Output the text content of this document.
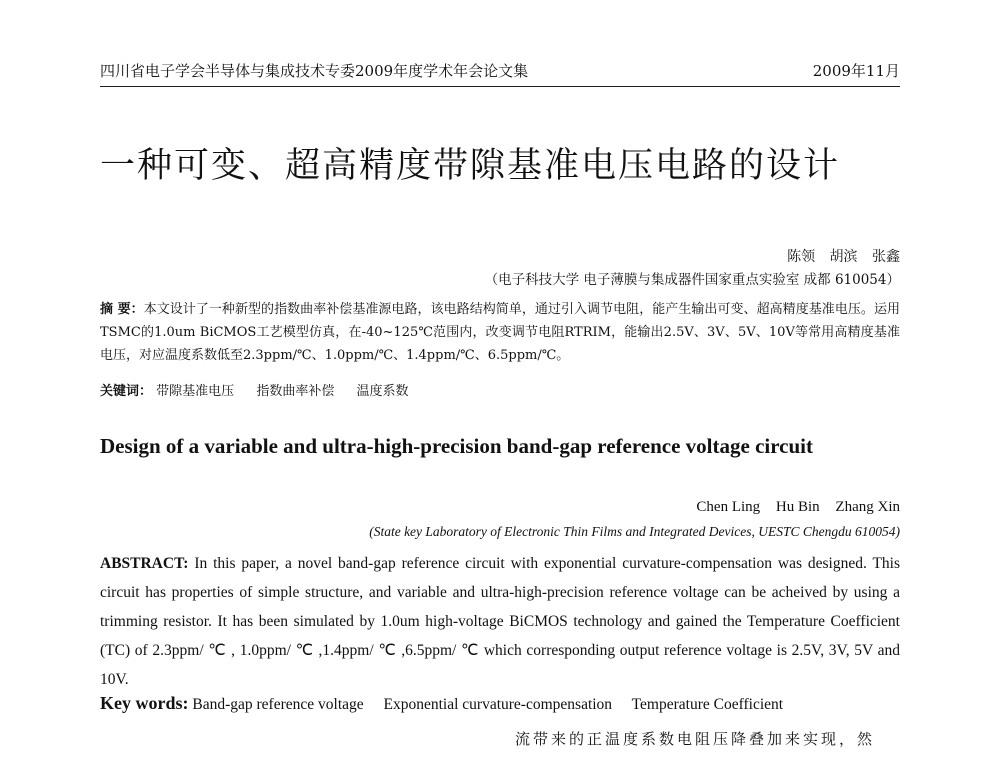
四川省电子学会半导体与集成技术专委2009年度学术年会论文集	2009年11月
一种可变、超高精度带隙基准电压电路的设计
陈领 胡滨 张鑫
（电子科技大学 电子薄膜与集成器件国家重点实验室 成都 610054）
摘 要：本文设计了一种新型的指数曲率补偿基准源电路，该电路结构简单，通过引入调节电阻，能产生输出可变、超高精度基准电压。运用TSMC的1.0um BiCMOS工艺模型仿真，在-40~125℃范围内，改变调节电阻RTRIM，能输出2.5V、3V、5V、10V等常用高精度基准电压，对应温度系数低至2.3ppm/℃、1.0ppm/℃、1.4ppm/℃、6.5ppm/℃。
关键词： 带隙基准电压 指数曲率补偿 温度系数
Design of a variable and ultra-high-precision band-gap reference voltage circuit
Chen Ling Hu Bin Zhang Xin
(State key Laboratory of Electronic Thin Films and Integrated Devices, UESTC Chengdu 610054)
ABSTRACT: In this paper, a novel band-gap reference circuit with exponential curvature-compensation was designed. This circuit has properties of simple structure, and variable and ultra-high-precision reference voltage can be acheived by using a trimming resistor. It has been simulated by 1.0um high-voltage BiCMOS technology and gained the Temperature Coefficient (TC) of 2.3ppm/ ℃ , 1.0ppm/ ℃ ,1.4ppm/ ℃ ,6.5ppm/ ℃ which corresponding output reference voltage is 2.5V, 3V, 5V and 10V.
Key words: Band-gap reference voltage Exponential curvature-compensation Temperature Coefficient
流带来的正温度系数电阻压降叠加来实现，然
